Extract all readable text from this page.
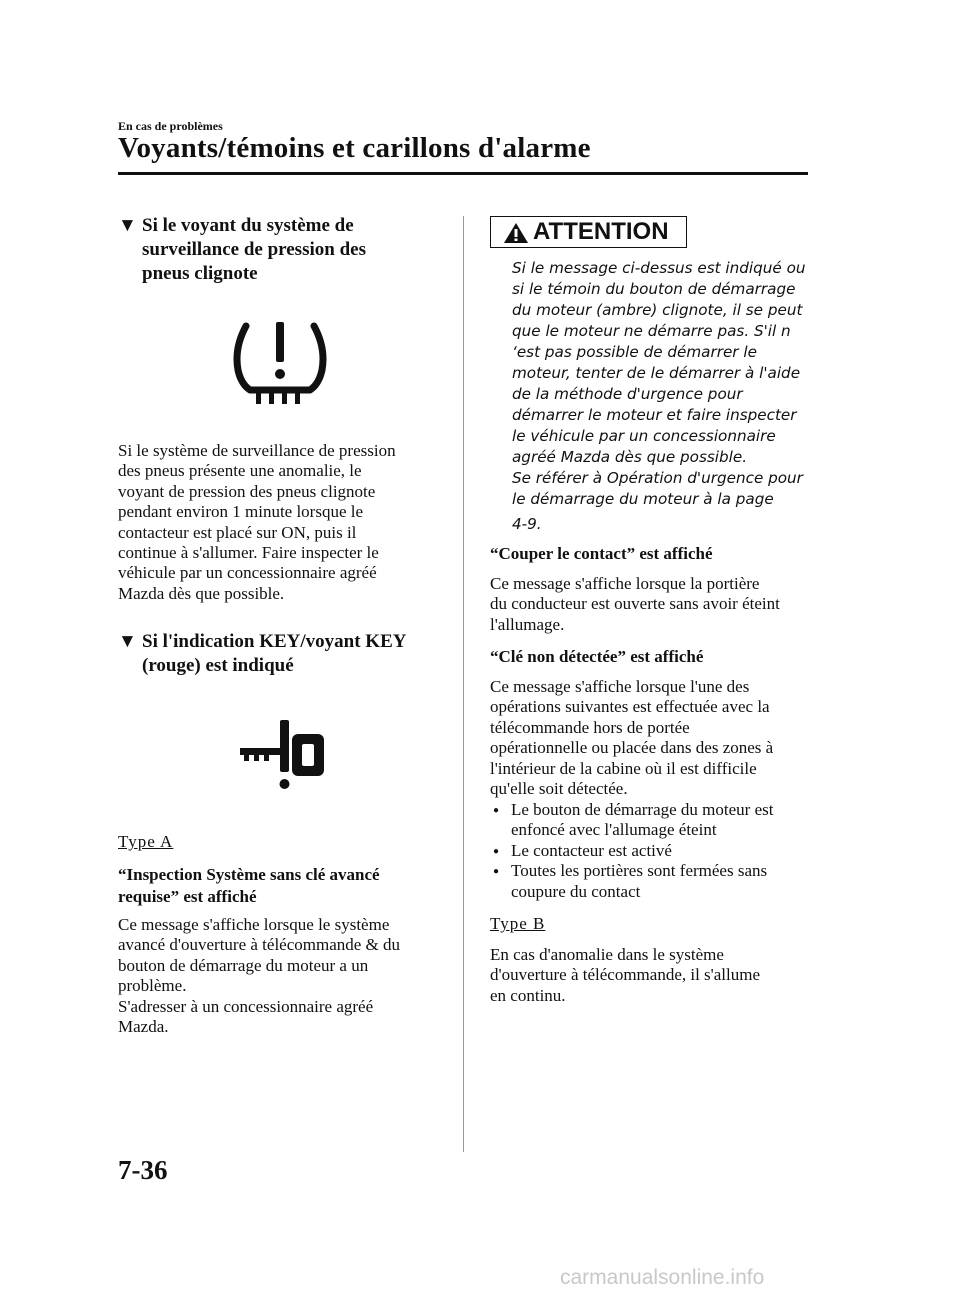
En cas de problèmes
Voyants/témoins et carillons d'alarme
▼ Si le voyant du système de
surveillance de pression des
pneus clignote

Si le système de surveillance de pression

des pneus présente une anomalie, le

voyant de pression des pneus clignote

pendant environ 1 minute lorsque le

contacteur est placé sur ON, puis il

continue à s'allumer. Faire inspecter le

véhicule par un concessionnaire agréé

Mazda dès que possible.

▼ Si l'indication KEY/voyant KEY
(rouge) est indiqué
Type A
“Inspection Système sans clé avancé
requise” est affiché

Ce message s'affiche lorsque le système

avancé d'ouverture à télécommande & du

bouton de démarrage du moteur a un

problème.

S'adresser à un concessionnaire agréé

Mazda.

ATTENTION

Si le message ci-dessus est indiqué ou

si le témoin du bouton de démarrage

du moteur (ambre) clignote, il se peut

que le moteur ne démarre pas. S'il n

‘est pas possible de démarrer le

moteur, tenter de le démarrer à l'aide

de la méthode d'urgence pour

démarrer le moteur et faire inspecter

le véhicule par un concessionnaire

agréé Mazda dès que possible.

Se référer à Opération d'urgence pour

le démarrage du moteur à la page

4-9.

“Couper le contact” est affiché

Ce message s'affiche lorsque la portière

du conducteur est ouverte sans avoir éteint

l'allumage.

“Clé non détectée” est affiché

Ce message s'affiche lorsque l'une des

opérations suivantes est effectuée avec la

télécommande hors de portée

opérationnelle ou placée dans des zones à

l'intérieur de la cabine où il est difficile

qu'elle soit détectée.

● Le bouton de démarrage du moteur est
enfoncé avec l'allumage éteint
● Le contacteur est activé
● Toutes les portières sont fermées sans
coupure du contact
Type B

En cas d'anomalie dans le système

d'ouverture à télécommande, il s'allume

en continu.

7-36
carmanualsonline.info
